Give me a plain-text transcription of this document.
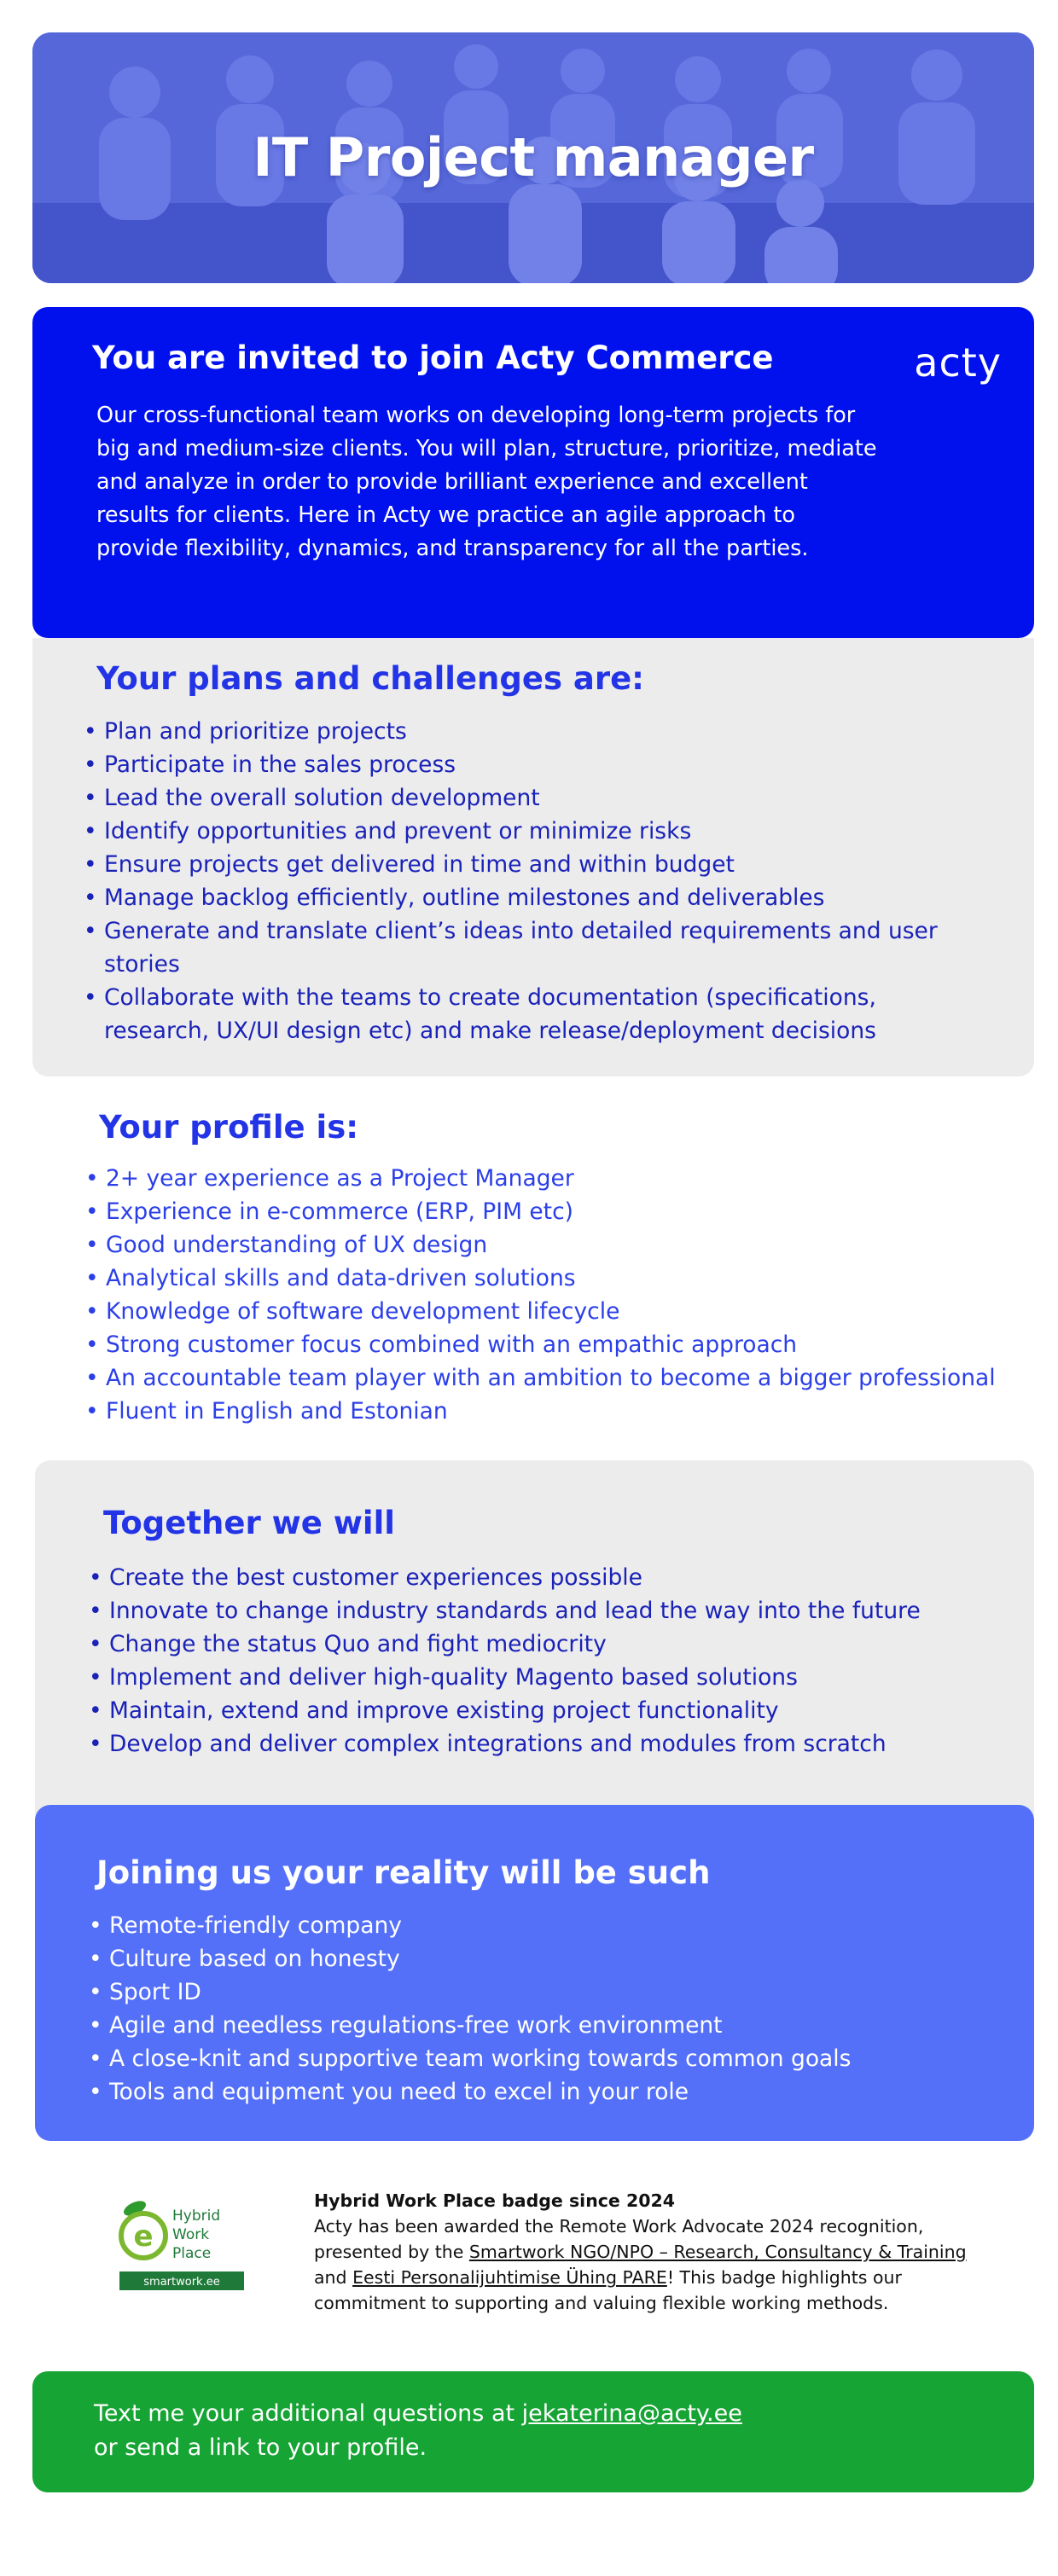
IT Project manager
You are invited to join Acty Commerce	acty

Our cross-functional team works on developing long-term projects for big and medium-size clients. You will plan, structure, prioritize, mediate and analyze in order to provide brilliant experience and excellent results for clients. Here in Acty we practice an agile approach to provide flexibility, dynamics, and transparency for all the parties.

Your plans and challenges are:
• Plan and prioritize projects
• Participate in the sales process
• Lead the overall solution development
• Identify opportunities and prevent or minimize risks
• Ensure projects get delivered in time and within budget
• Manage backlog efficiently, outline milestones and deliverables
• Generate and translate client’s ideas into detailed requirements and user stories
• Collaborate with the teams to create documentation (specifications, research, UX/UI design etc) and make release/deployment decisions
Your profile is:
• 2+ year experience as a Project Manager
• Experience in e-commerce (ERP, PIM etc)
• Good understanding of UX design
• Analytical skills and data-driven solutions
• Knowledge of software development lifecycle
• Strong customer focus combined with an empathic approach
• An accountable team player with an ambition to become a bigger professional
• Fluent in English and Estonian
Together we will
• Create the best customer experiences possible
• Innovate to change industry standards and lead the way into the future
• Change the status Quo and fight mediocrity
• Implement and deliver high-quality Magento based solutions
• Maintain, extend and improve existing project functionality
• Develop and deliver complex integrations and modules from scratch
Joining us your reality will be such
• Remote-friendly company
• Culture based on honesty
• Sport ID
• Agile and needless regulations-free work environment
• A close-knit and supportive team working towards common goals
• Tools and equipment you need to excel in your role
e
Hybrid
Work
Place
smartwork.ee
Hybrid Work Place badge since 2024
Acty has been awarded the Remote Work Advocate 2024 recognition, presented by the Smartwork NGO/NPO – Research, Consultancy & Training and Eesti Personalijuhtimise Ühing PARE! This badge highlights our commitment to supporting and valuing flexible working methods.
Text me your additional questions at jekaterina@acty.ee
or send a link to your profile.
